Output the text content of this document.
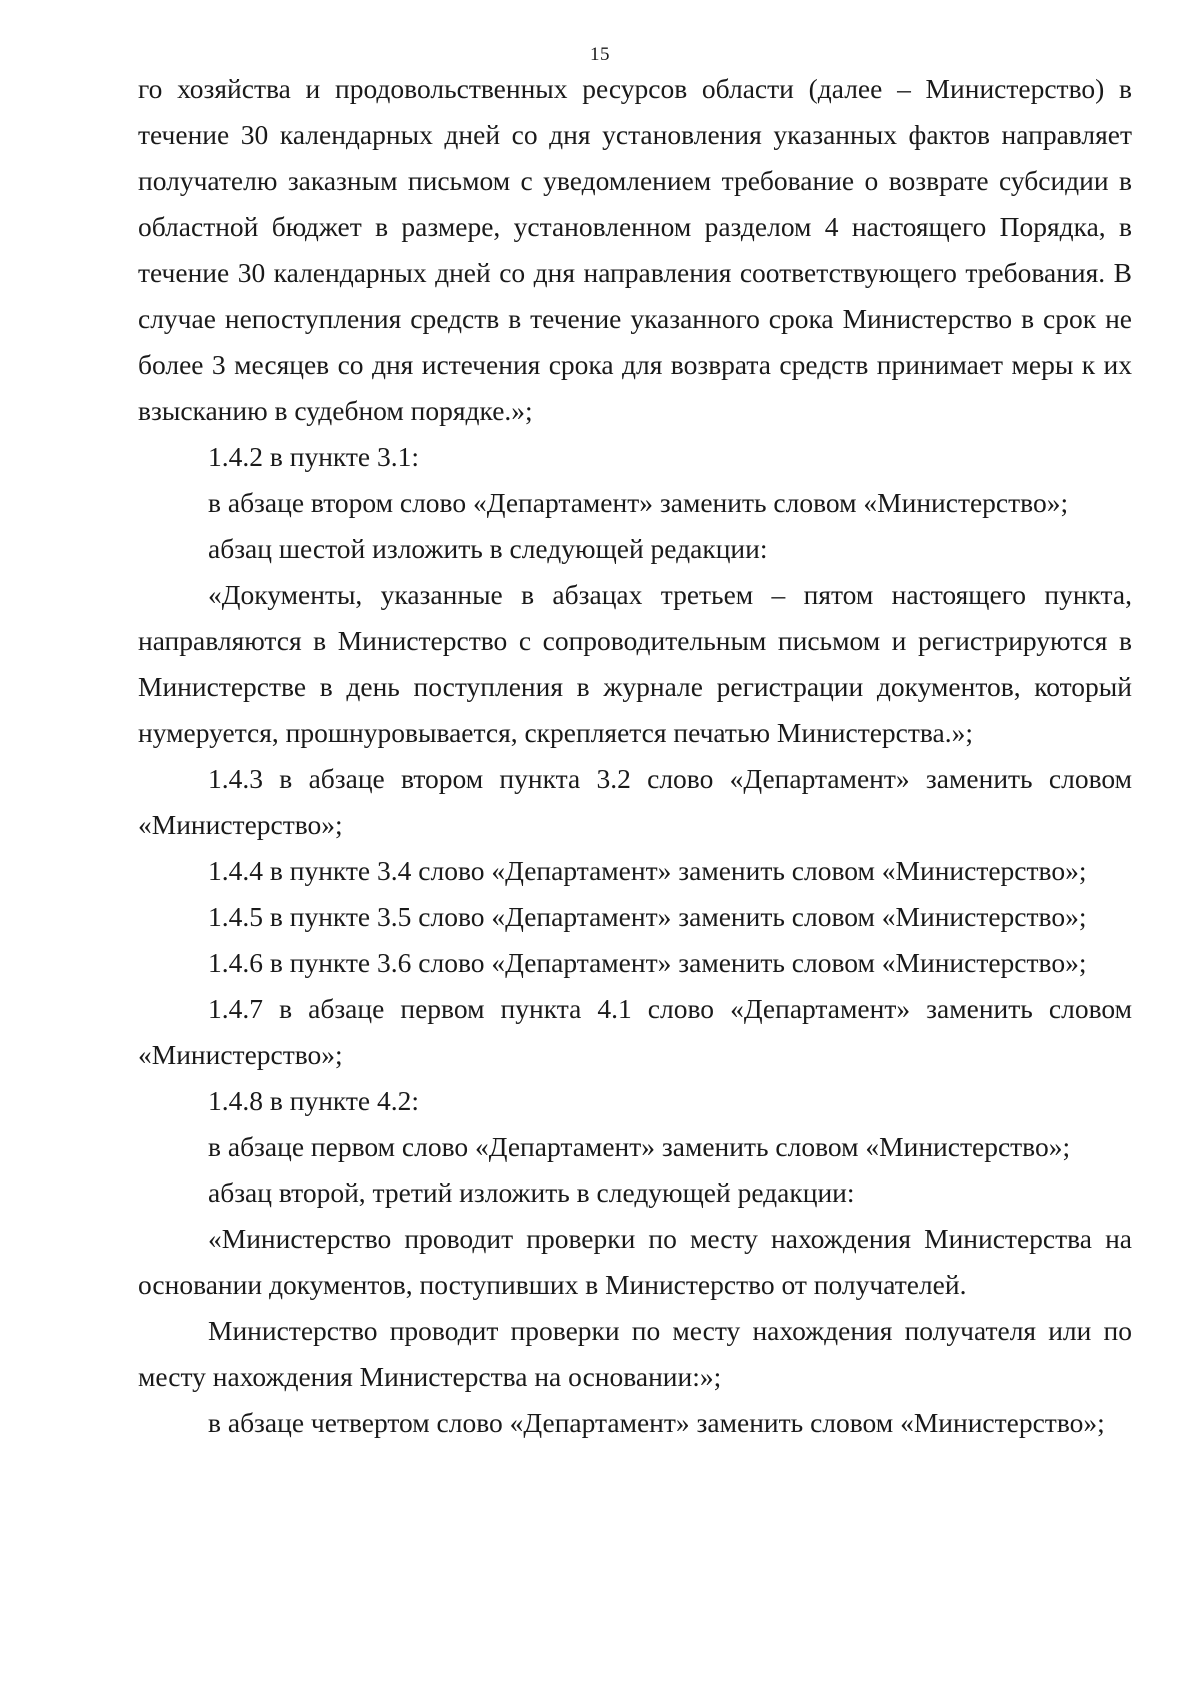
15

го хозяйства и продовольственных ресурсов области (далее – Министерство) в течение 30 календарных дней со дня установления указанных фактов направляет получателю заказным письмом с уведомлением требование о возврате субсидии в областной бюджет в размере, установленном разделом 4 настоящего Порядка, в течение 30 календарных дней со дня направления соответствующего требования. В случае непоступления средств в течение указанного срока Министерство в срок не более 3 месяцев со дня истечения срока для возврата средств принимает меры к их взысканию в судебном порядке.»;

1.4.2 в пункте 3.1:

в абзаце втором слово «Департамент» заменить словом «Министерство»;

абзац шестой изложить в следующей редакции:

«Документы, указанные в абзацах третьем – пятом настоящего пункта, направляются в Министерство с сопроводительным письмом и регистрируются в Министерстве в день поступления в журнале регистрации документов, который нумеруется, прошнуровывается, скрепляется печатью Министерства.»;

1.4.3 в абзаце втором пункта 3.2 слово «Департамент» заменить словом «Министерство»;

1.4.4 в пункте 3.4 слово «Департамент» заменить словом «Министерство»;

1.4.5 в пункте 3.5 слово «Департамент» заменить словом «Министерство»;

1.4.6 в пункте 3.6 слово «Департамент» заменить словом «Министерство»;

1.4.7 в абзаце первом пункта 4.1 слово «Департамент» заменить словом «Министерство»;

1.4.8 в пункте 4.2:

в абзаце первом слово «Департамент» заменить словом «Министерство»;

абзац второй, третий изложить в следующей редакции:

«Министерство проводит проверки по месту нахождения Министерства на основании документов, поступивших в Министерство от получателей.

Министерство проводит проверки по месту нахождения получателя или по месту нахождения Министерства на основании:»;

в абзаце четвертом слово «Департамент» заменить словом «Министерство»;
